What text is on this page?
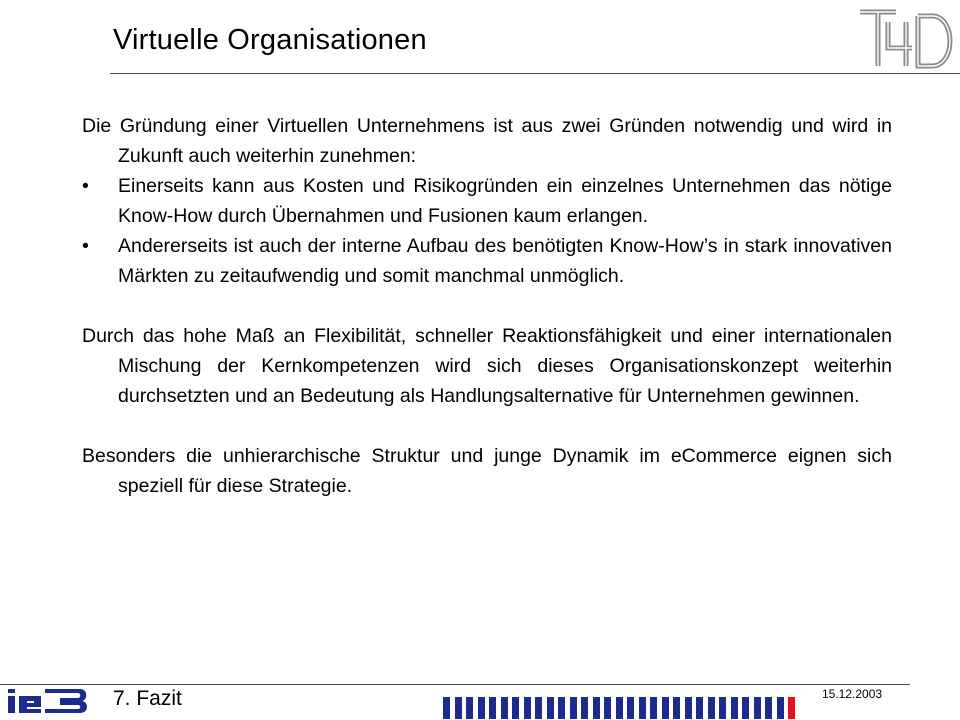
Virtuelle Organisationen

Die Gründung einer Virtuellen Unternehmens ist aus zwei Gründen notwendig und wird in Zukunft auch weiterhin zunehmen:

• Einerseits kann aus Kosten und Risikogründen ein einzelnes Unternehmen das nötige Know-How durch Übernahmen und Fusionen kaum erlangen.
• Andererseits ist auch der interne Aufbau des benötigten Know-How’s in stark innovativen Märkten zu zeitaufwendig und somit manchmal unmöglich.

Durch das hohe Maß an Flexibilität, schneller Reaktionsfähigkeit und einer internationalen Mischung der Kernkompetenzen wird sich dieses Organisationskonzept weiterhin durchsetzten und an Bedeutung als Handlungsalternative für Unternehmen gewinnen.

Besonders die unhierarchische Struktur und junge Dynamik im eCommerce eignen sich speziell für diese Strategie.

7. Fazit	15.12.2003
